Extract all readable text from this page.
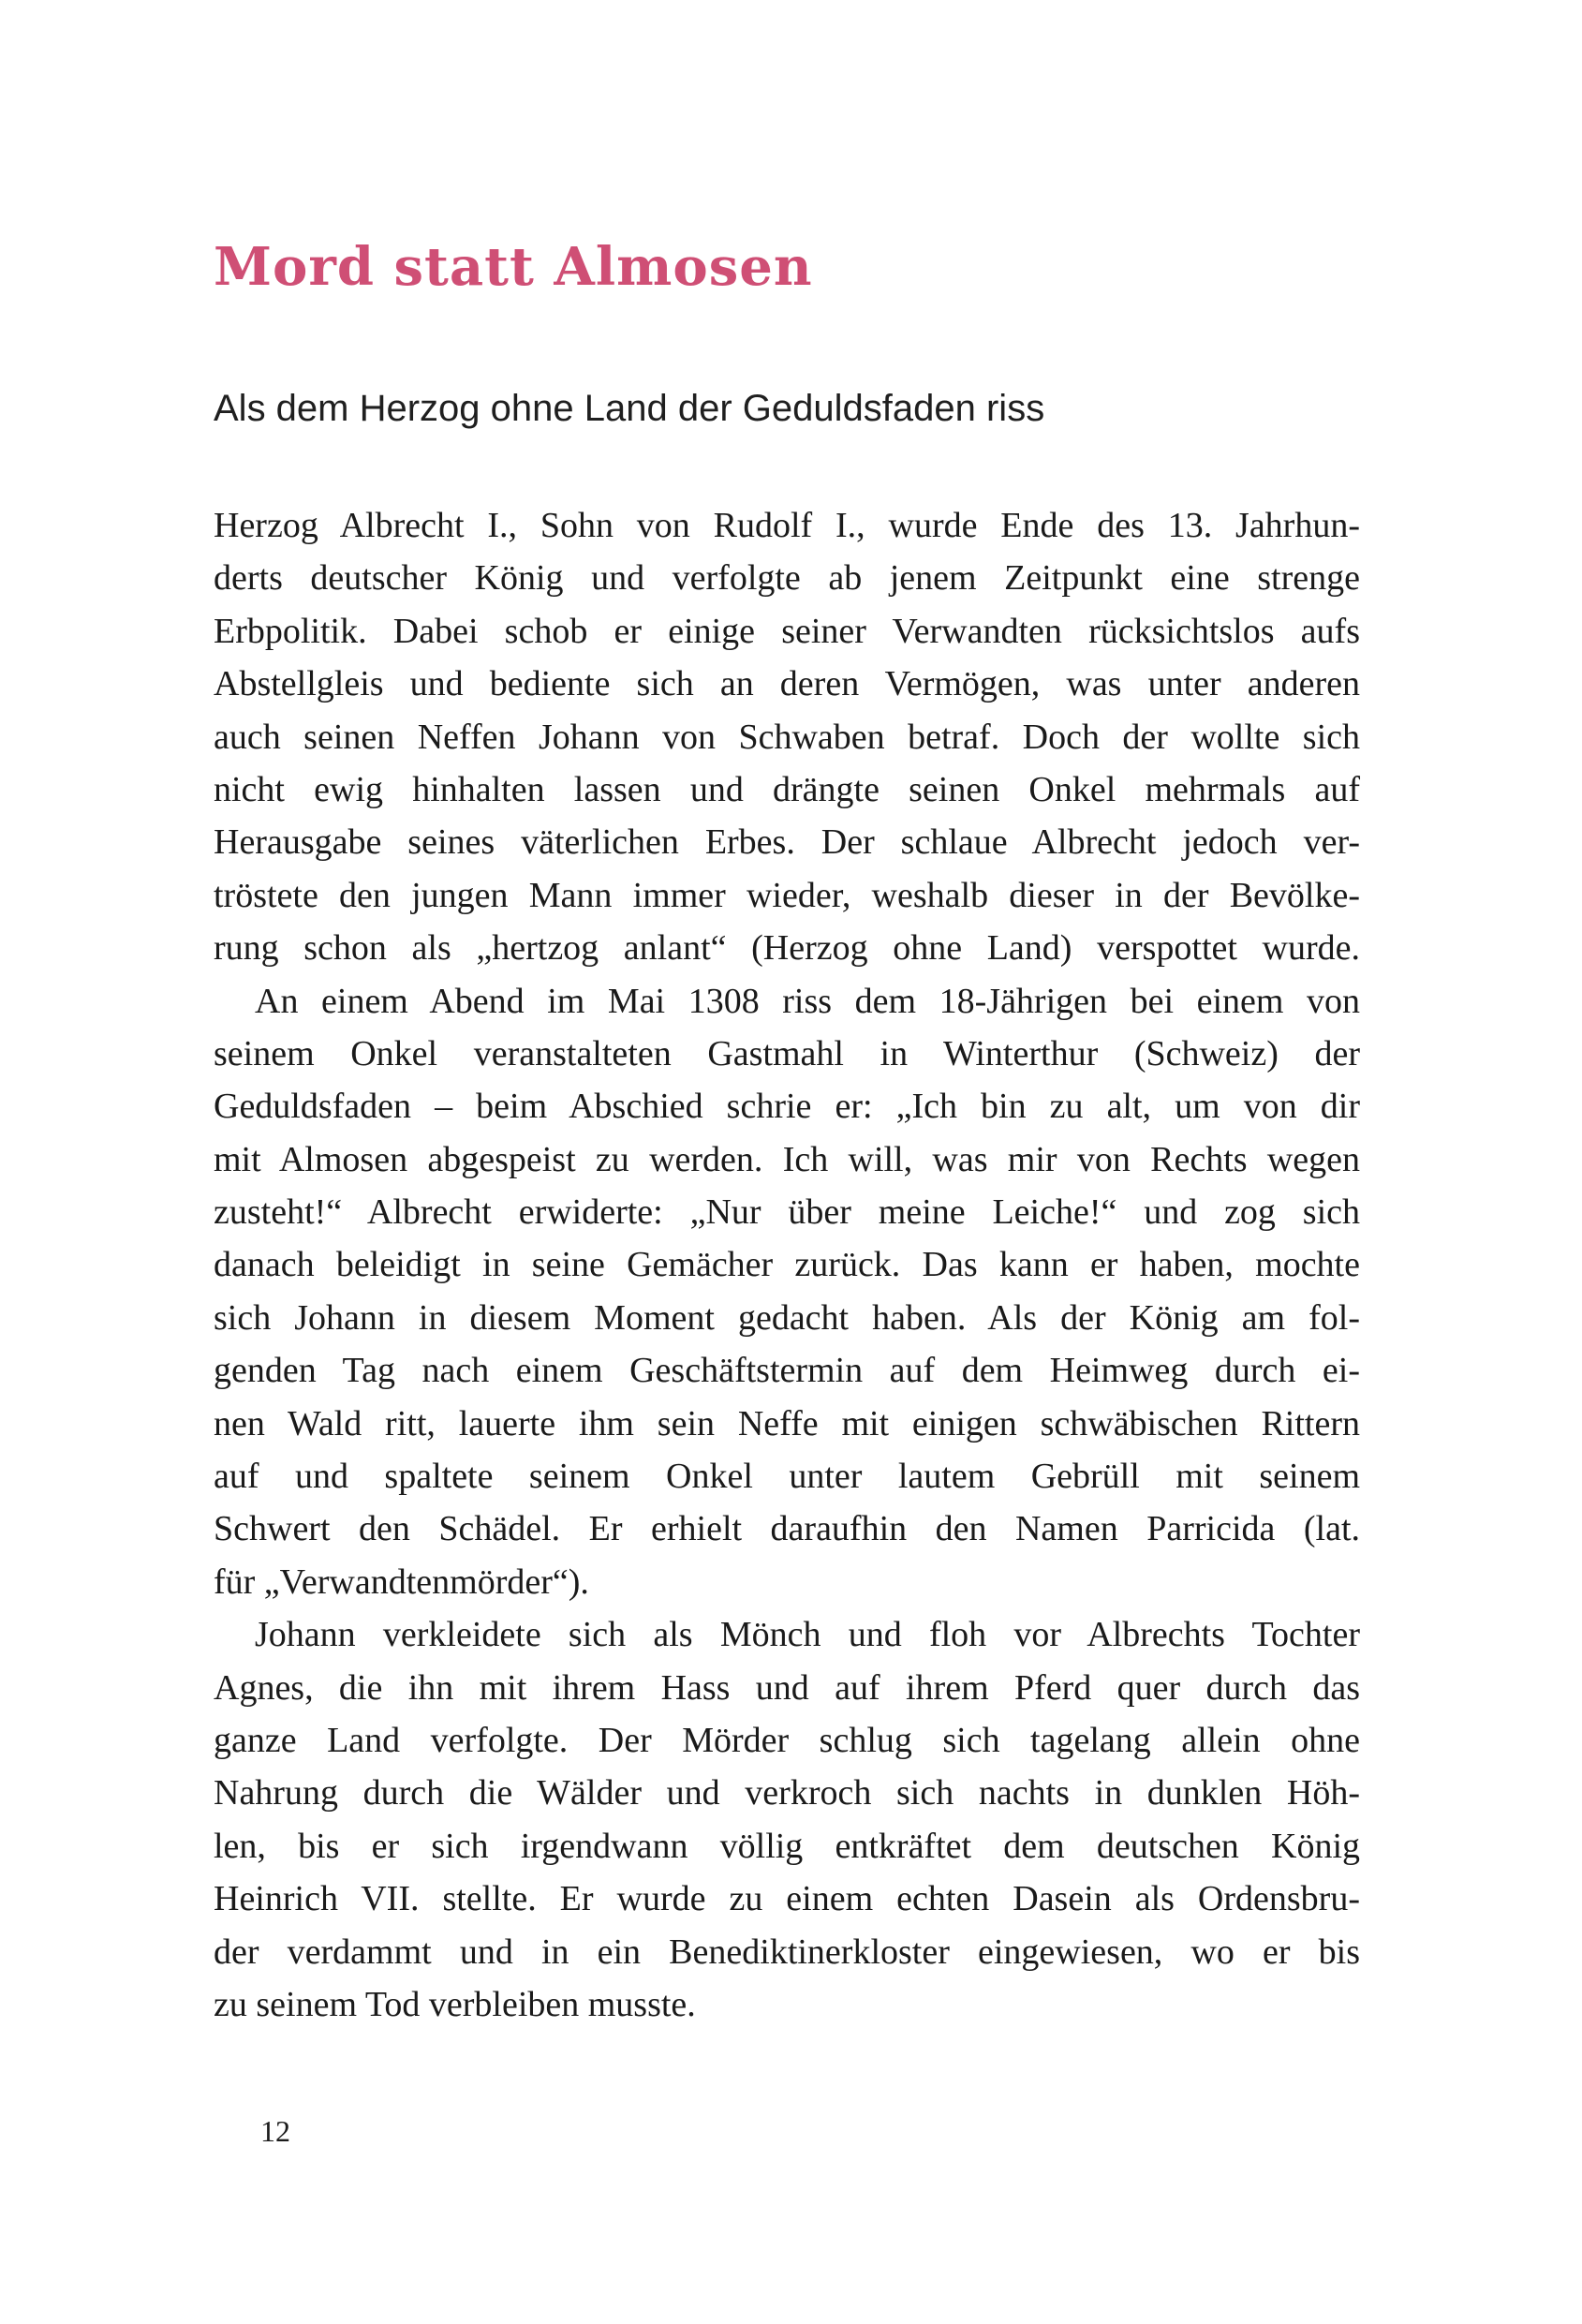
Mord statt Almosen
Als dem Herzog ohne Land der Geduldsfaden riss
Herzog Albrecht I., Sohn von Rudolf I., wurde Ende des 13. Jahrhun-
derts deutscher König und verfolgte ab jenem Zeitpunkt eine strenge
Erbpolitik. Dabei schob er einige seiner Verwandten rücksichtslos aufs
Abstellgleis und bediente sich an deren Vermögen, was unter anderen
auch seinen Neffen Johann von Schwaben betraf. Doch der wollte sich
nicht ewig hinhalten lassen und drängte seinen Onkel mehrmals auf
Herausgabe seines väterlichen Erbes. Der schlaue Albrecht jedoch ver-
tröstete den jungen Mann immer wieder, weshalb dieser in der Bevölke-
rung schon als „hertzog anlant“ (Herzog ohne Land) verspottet wurde.
An einem Abend im Mai 1308 riss dem 18-Jährigen bei einem von
seinem Onkel veranstalteten Gastmahl in Winterthur (Schweiz) der
Geduldsfaden – beim Abschied schrie er: „Ich bin zu alt, um von dir
mit Almosen abgespeist zu werden. Ich will, was mir von Rechts wegen
zusteht!“ Albrecht erwiderte: „Nur über meine Leiche!“ und zog sich
danach beleidigt in seine Gemächer zurück. Das kann er haben, mochte
sich Johann in diesem Moment gedacht haben. Als der König am fol-
genden Tag nach einem Geschäftstermin auf dem Heimweg durch ei-
nen Wald ritt, lauerte ihm sein Neffe mit einigen schwäbischen Rittern
auf und spaltete seinem Onkel unter lautem Gebrüll mit seinem
Schwert den Schädel. Er erhielt daraufhin den Namen Parricida (lat.
für „Verwandtenmörder“).
Johann verkleidete sich als Mönch und floh vor Albrechts Tochter
Agnes, die ihn mit ihrem Hass und auf ihrem Pferd quer durch das
ganze Land verfolgte. Der Mörder schlug sich tagelang allein ohne
Nahrung durch die Wälder und verkroch sich nachts in dunklen Höh-
len, bis er sich irgendwann völlig entkräftet dem deutschen König
Heinrich VII. stellte. Er wurde zu einem echten Dasein als Ordensbru-
der verdammt und in ein Benediktinerkloster eingewiesen, wo er bis
zu seinem Tod verbleiben musste.
12
